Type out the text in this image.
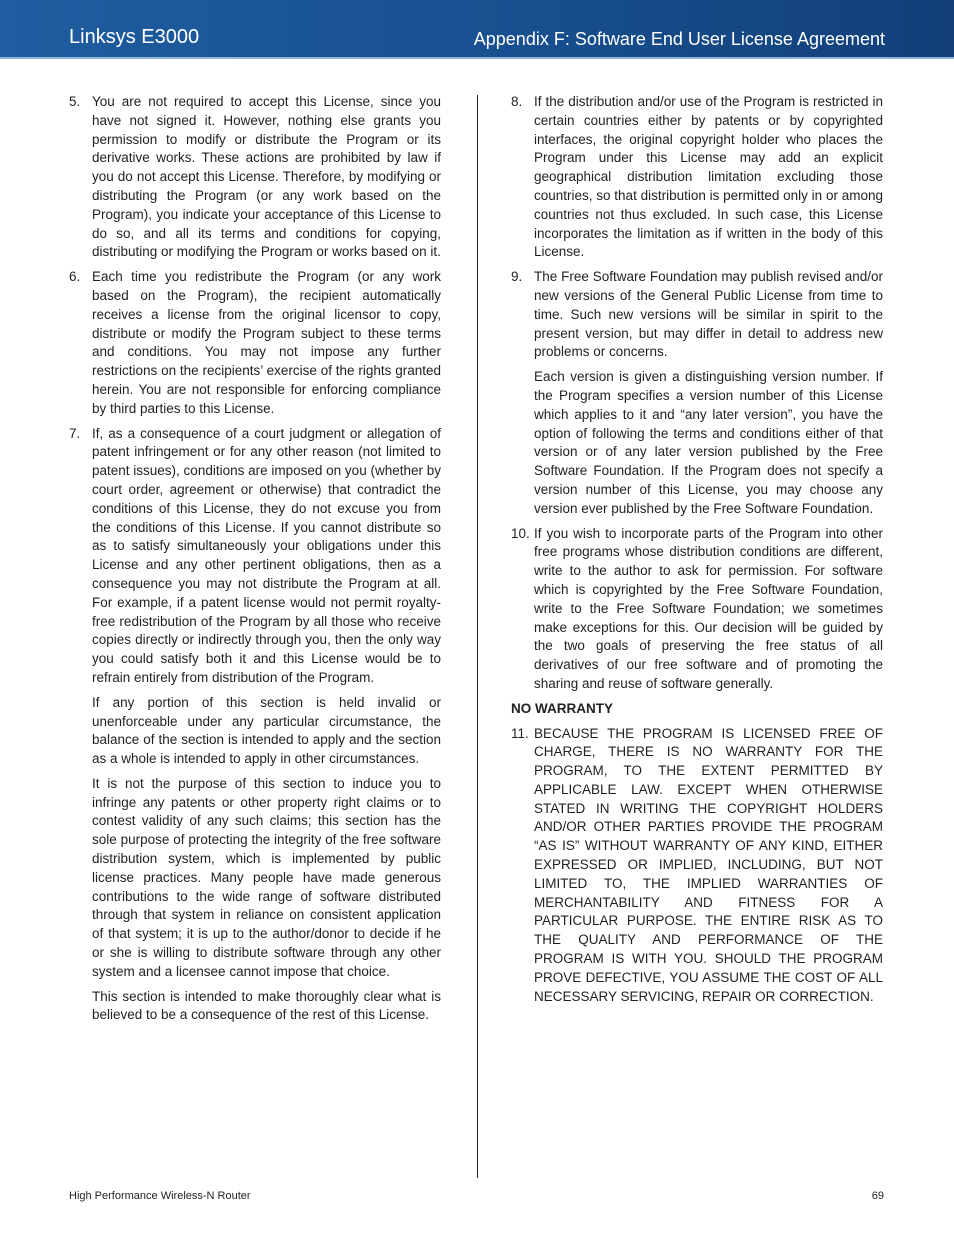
Linksys E3000	Appendix F: Software End User License Agreement
5. You are not required to accept this License, since you have not signed it. However, nothing else grants you permission to modify or distribute the Program or its derivative works. These actions are prohibited by law if you do not accept this License. Therefore, by modifying or distributing the Program (or any work based on the Program), you indicate your acceptance of this License to do so, and all its terms and conditions for copying, distributing or modifying the Program or works based on it.

6. Each time you redistribute the Program (or any work based on the Program), the recipient automatically receives a license from the original licensor to copy, distribute or modify the Program subject to these terms and conditions. You may not impose any further restrictions on the recipients’ exercise of the rights granted herein. You are not responsible for enforcing compliance by third parties to this License.

7. If, as a consequence of a court judgment or allegation of patent infringement or for any other reason (not limited to patent issues), conditions are imposed on you (whether by court order, agreement or otherwise) that contradict the conditions of this License, they do not excuse you from the conditions of this License. If you cannot distribute so as to satisfy simultaneously your obligations under this License and any other pertinent obligations, then as a consequence you may not distribute the Program at all. For example, if a patent license would not permit royalty-free redistribution of the Program by all those who receive copies directly or indirectly through you, then the only way you could satisfy both it and this License would be to refrain entirely from distribution of the Program.

If any portion of this section is held invalid or unenforceable under any particular circumstance, the balance of the section is intended to apply and the section as a whole is intended to apply in other circumstances.

It is not the purpose of this section to induce you to infringe any patents or other property right claims or to contest validity of any such claims; this section has the sole purpose of protecting the integrity of the free software distribution system, which is implemented by public license practices. Many people have made generous contributions to the wide range of software distributed through that system in reliance on consistent application of that system; it is up to the author/donor to decide if he or she is willing to distribute software through any other system and a licensee cannot impose that choice.

This section is intended to make thoroughly clear what is believed to be a consequence of the rest of this License.

8. If the distribution and/or use of the Program is restricted in certain countries either by patents or by copyrighted interfaces, the original copyright holder who places the Program under this License may add an explicit geographical distribution limitation excluding those countries, so that distribution is permitted only in or among countries not thus excluded. In such case, this License incorporates the limitation as if written in the body of this License.

9. The Free Software Foundation may publish revised and/or new versions of the General Public License from time to time. Such new versions will be similar in spirit to the present version, but may differ in detail to address new problems or concerns.

Each version is given a distinguishing version number. If the Program specifies a version number of this License which applies to it and “any later version”, you have the option of following the terms and conditions either of that version or of any later version published by the Free Software Foundation. If the Program does not specify a version number of this License, you may choose any version ever published by the Free Software Foundation.

10. If you wish to incorporate parts of the Program into other free programs whose distribution conditions are different, write to the author to ask for permission. For software which is copyrighted by the Free Software Foundation, write to the Free Software Foundation; we sometimes make exceptions for this. Our decision will be guided by the two goals of preserving the free status of all derivatives of our free software and of promoting the sharing and reuse of software generally.

NO WARRANTY

11. BECAUSE THE PROGRAM IS LICENSED FREE OF CHARGE, THERE IS NO WARRANTY FOR THE PROGRAM, TO THE EXTENT PERMITTED BY APPLICABLE LAW. EXCEPT WHEN OTHERWISE STATED IN WRITING THE COPYRIGHT HOLDERS AND/OR OTHER PARTIES PROVIDE THE PROGRAM “AS IS” WITHOUT WARRANTY OF ANY KIND, EITHER EXPRESSED OR IMPLIED, INCLUDING, BUT NOT LIMITED TO, THE IMPLIED WARRANTIES OF MERCHANTABILITY AND FITNESS FOR A PARTICULAR PURPOSE. THE ENTIRE RISK AS TO THE QUALITY AND PERFORMANCE OF THE PROGRAM IS WITH YOU. SHOULD THE PROGRAM PROVE DEFECTIVE, YOU ASSUME THE COST OF ALL NECESSARY SERVICING, REPAIR OR CORRECTION.

High Performance Wireless-N Router	69
